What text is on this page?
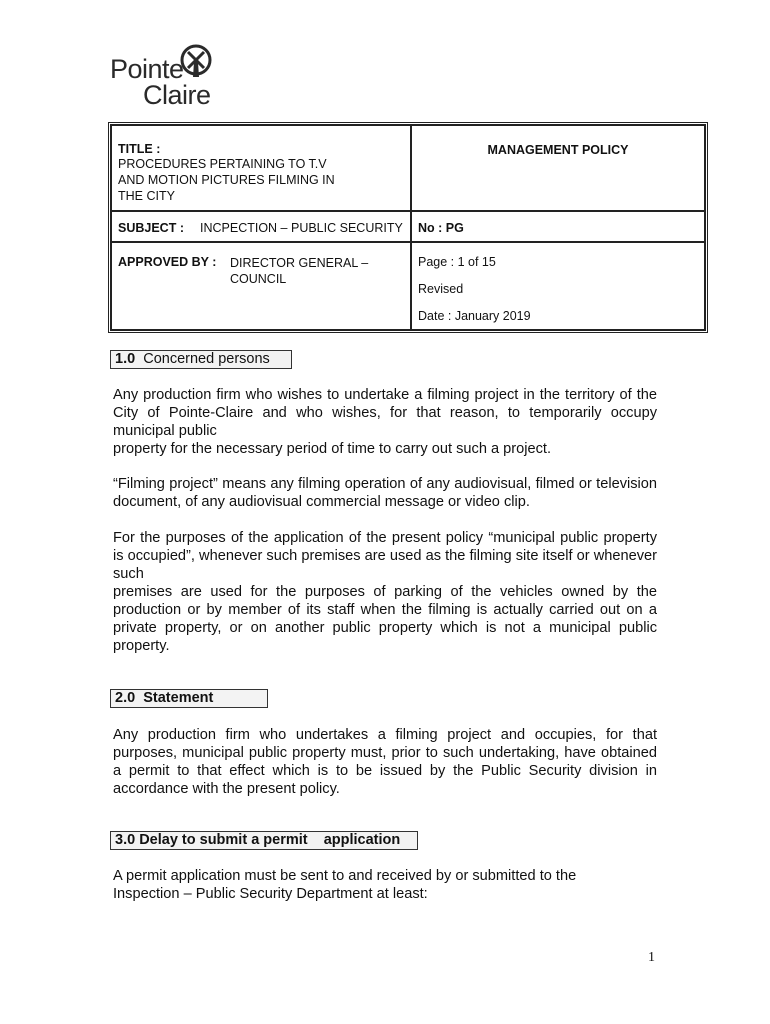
Pointe
Claire
TITLE :PROCEDURES PERTAINING TO T.V AND MOTION PICTURES FILMING IN THE CITY	MANAGEMENT POLICY

SUBJECT : INCPECTION – PUBLIC SECURITY	No : PG

APPROVED BY : DIRECTOR GENERAL – COUNCIL	Page : 1 of 15
Revised
Date : January 2019
1.0 Concerned persons

Any production firm who wishes to undertake a filming project in the territory of the City of Pointe-Claire and who wishes, for that reason, to temporarily occupy municipal public

property for the necessary period of time to carry out such a project.

“Filming project” means any filming operation of any audiovisual, filmed or television document, of any audiovisual commercial message or video clip.

For the purposes of the application of the present policy “municipal public property is occupied”, whenever such premises are used as the filming site itself or whenever such

premises are used for the purposes of parking of the vehicles owned by the production or by member of its staff when the filming is actually carried out on a private property, or on another public property which is not a municipal public property.

2.0 Statement

Any production firm who undertakes a filming project and occupies, for that purposes, municipal public property must, prior to such undertaking, have obtained a permit to that effect which is to be issued by the Public Security division in accordance with the present policy.

3.0 Delay to submit a permit    application

A permit application must be sent to and received by or submitted to the Inspection – Public Security Department at least:

1
